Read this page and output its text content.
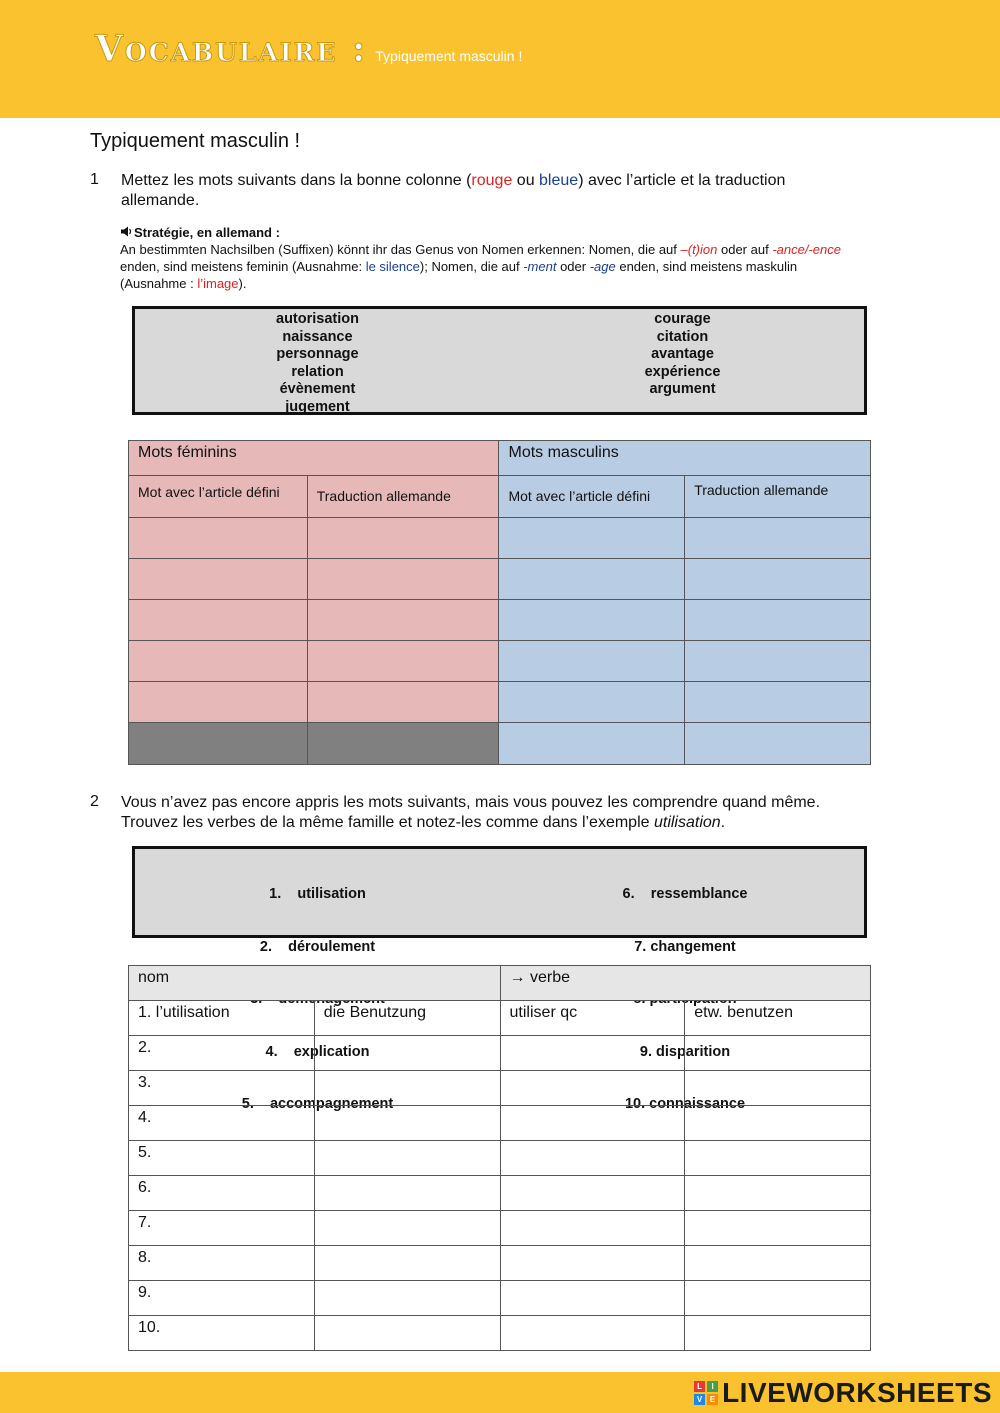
Vocabulaire : Typiquement masculin !
Typiquement masculin !
1 Mettez les mots suivants dans la bonne colonne (rouge ou bleue) avec l’article et la traduction
allemande.
Stratégie, en allemand :
An bestimmten Nachsilben (Suffixen) könnt ihr das Genus von Nomen erkennen: Nomen, die auf –(t)ion oder auf -ance/-ence
enden, sind meistens feminin (Ausnahme: le silence); Nomen, die auf -ment oder -age enden, sind meistens maskulin
(Ausnahme : l’image).
autorisation
naissance
personnage
relation
évènement
jugement
courage
citation
avantage
expérience
argument
Mots féminins		Mots masculins	
Mot avec l’article défini	Traduction allemande	Mot avec l’article défini	Traduction allemande

2 Vous n’avez pas encore appris les mots suivants, mais vous pouvez les comprendre quand même.
Trouvez les verbes de la même famille et notez-les comme dans l’exemple utilisation.

1.    utilisation

2.    déroulement

4.    explication

5.    accompagnement

6.    ressemblance

7. changement

9. disparition

10. connaissance

nom		→ verbe	
1. l’utilisation	die Benutzung	utiliser qc	etw. benutzen
2.			
3.			
4.			
5.			
6.			
7.			
8.			
9.			
10.			
L	I
V E LIVEWORKSHEETS
